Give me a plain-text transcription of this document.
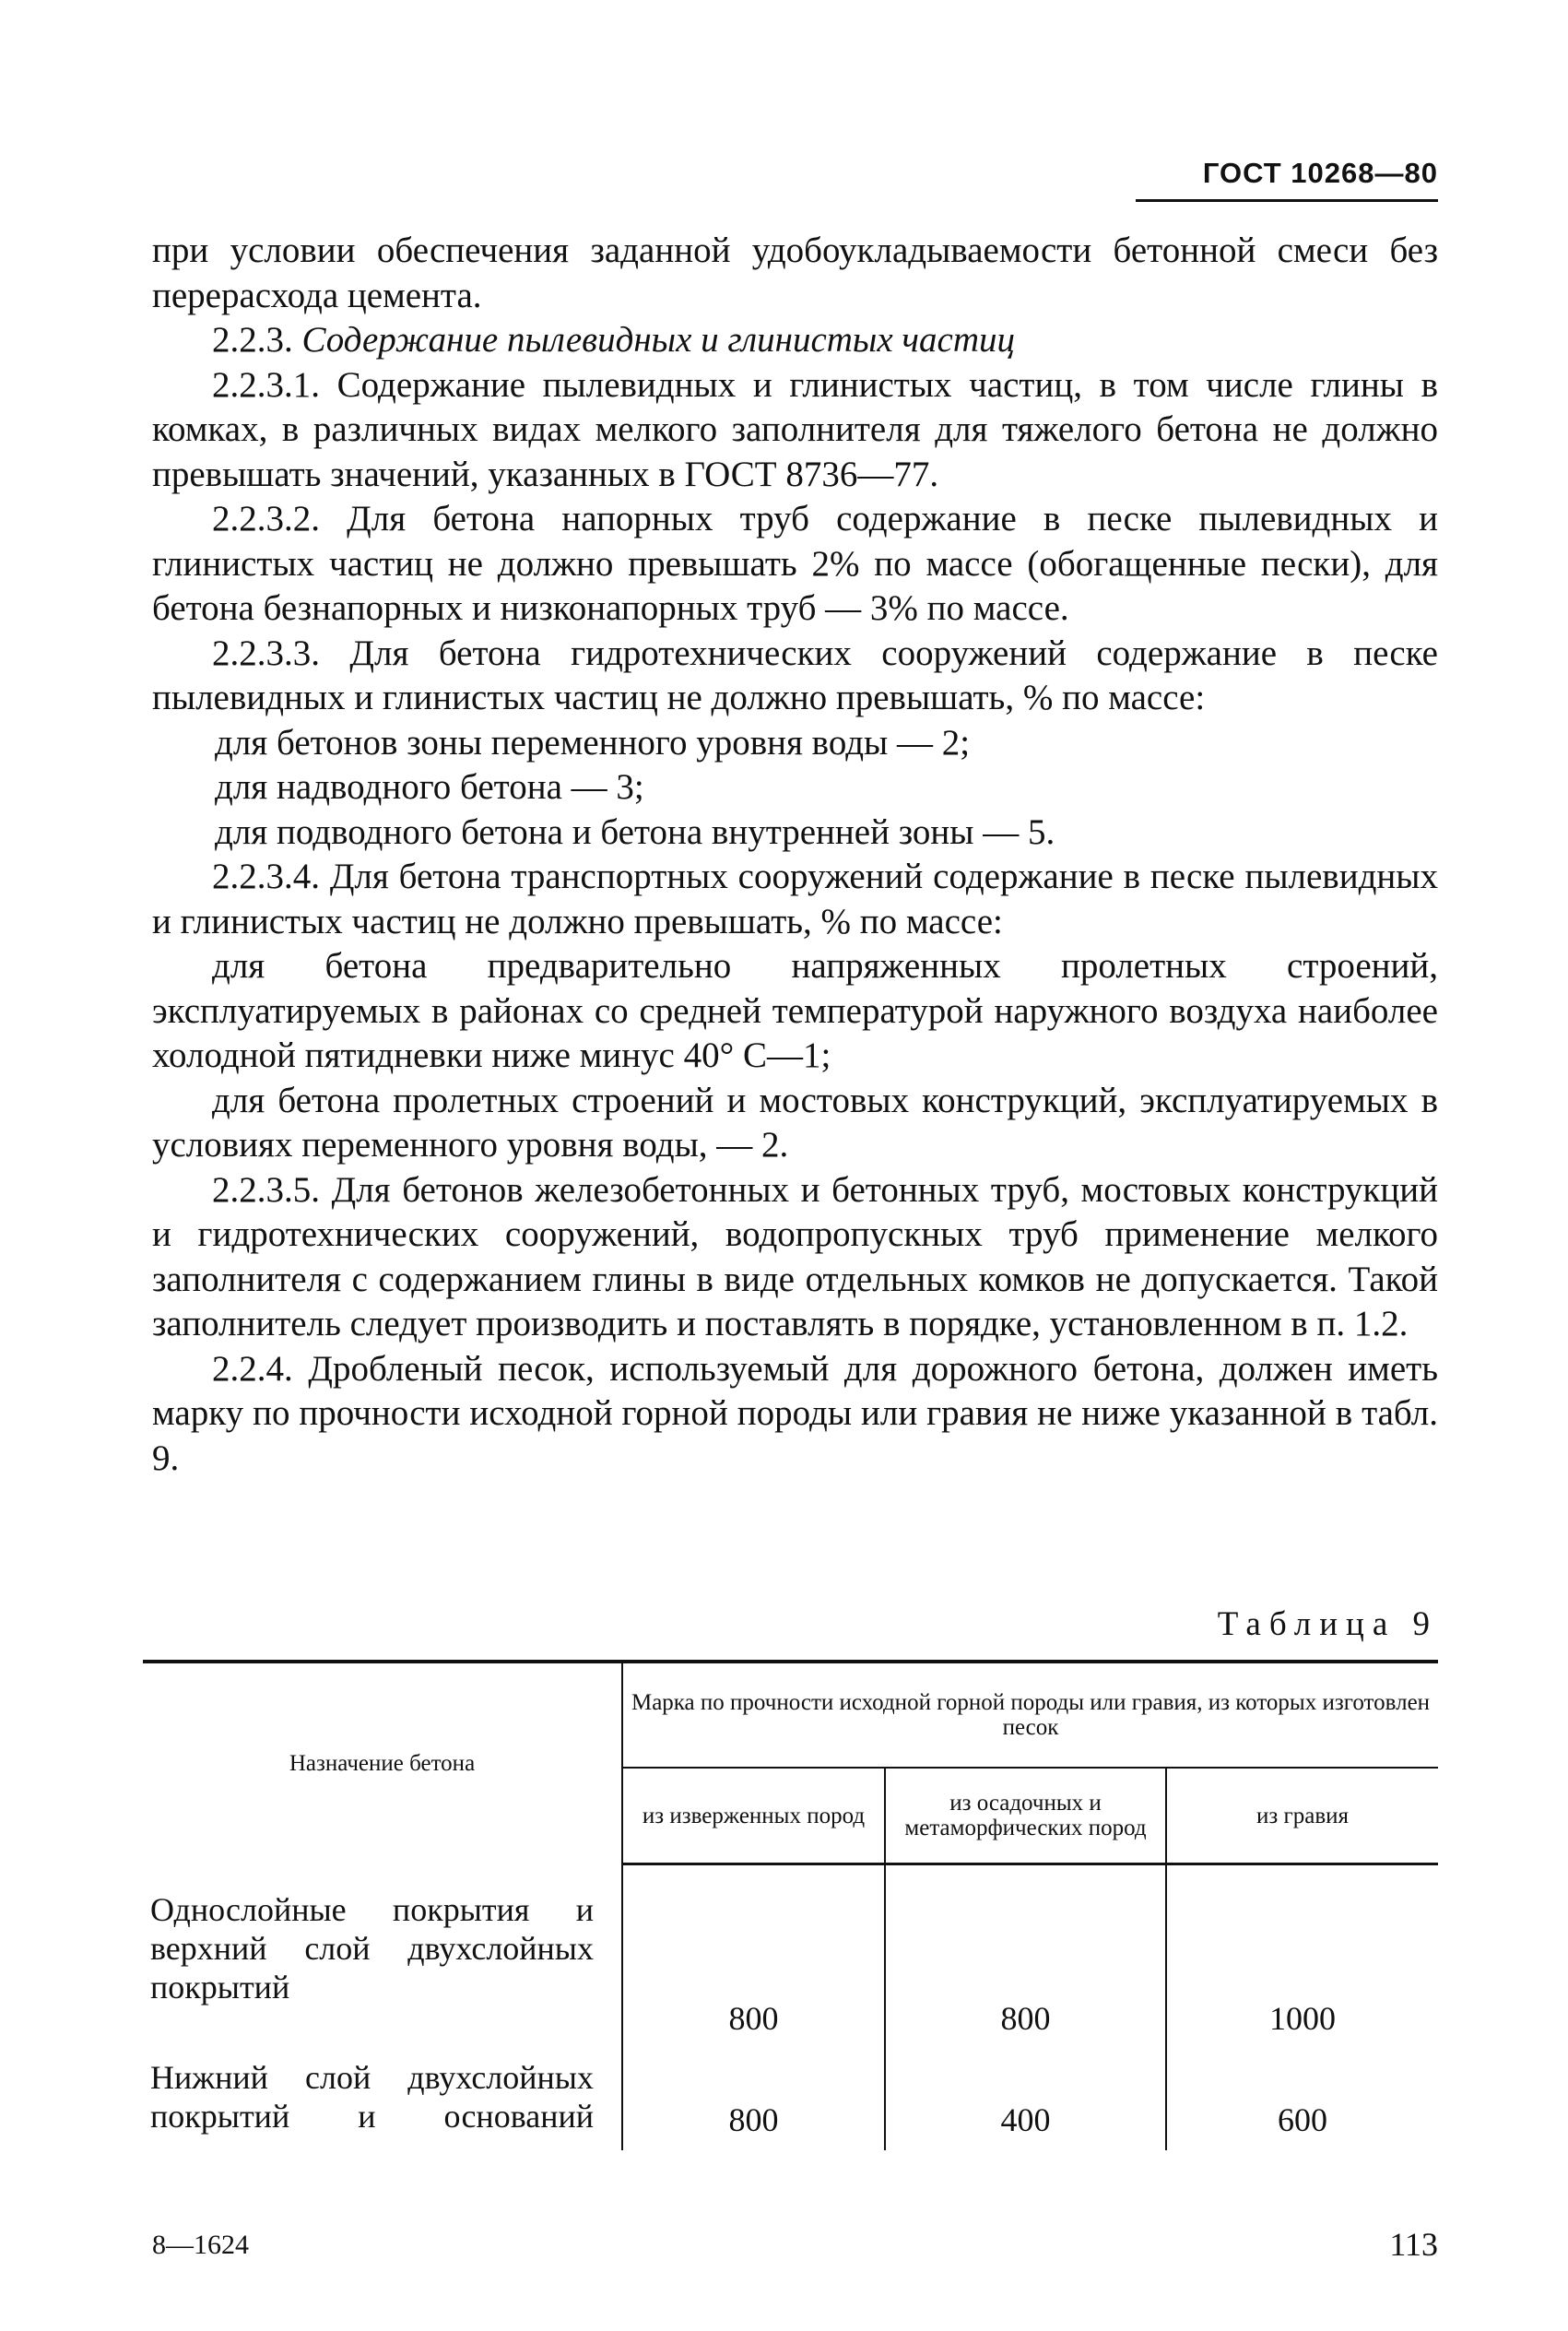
ГОСТ 10268—80

при условии обеспечения заданной удобоукладываемости бетонной смеси без перерасхода цемента.

2.2.3. Содержание пылевидных и глинистых частиц

2.2.3.1. Содержание пылевидных и глинистых частиц, в том числе глины в комках, в различных видах мелкого заполнителя для тяжелого бетона не должно превышать значений, указанных в ГОСТ 8736—77.

2.2.3.2. Для бетона напорных труб содержание в песке пылевидных и глинистых частиц не должно превышать 2% по массе (обогащенные пески), для бетона безнапорных и низконапорных труб — 3% по массе.

2.2.3.3. Для бетона гидротехнических сооружений содержание в песке пылевидных и глинистых частиц не должно превышать, % по массе:

для бетонов зоны переменного уровня воды — 2;

для надводного бетона — 3;

для подводного бетона и бетона внутренней зоны — 5.

2.2.3.4. Для бетона транспортных сооружений содержание в песке пылевидных и глинистых частиц не должно превышать, % по массе:

для бетона предварительно напряженных пролетных строений, эксплуатируемых в районах со средней температурой наружного воздуха наиболее холодной пятидневки ниже минус 40° С—1;

для бетона пролетных строений и мостовых конструкций, эксплуатируемых в условиях переменного уровня воды, — 2.

2.2.3.5. Для бетонов железобетонных и бетонных труб, мостовых конструкций и гидротехнических сооружений, водопропускных труб применение мелкого заполнителя с содержанием глины в виде отдельных комков не допускается. Такой заполнитель следует производить и поставлять в порядке, установленном в п. 1.2.

2.2.4. Дробленый песок, используемый для дорожного бетона, должен иметь марку по прочности исходной горной породы или гравия не ниже указанной в табл. 9.

Таблица 9
Назначение бетона	Марка по прочности исходной горной породы или гравия, из которых изготовлен песок		
	из изверженных пород	из осадочных и метаморфических пород	из гравия
Однослойные покрытия и верхний слой двухслойных покрытий	800	800	1000
Нижний слой двухслойных покрытий и оснований	800	400	600
8—1624	113
